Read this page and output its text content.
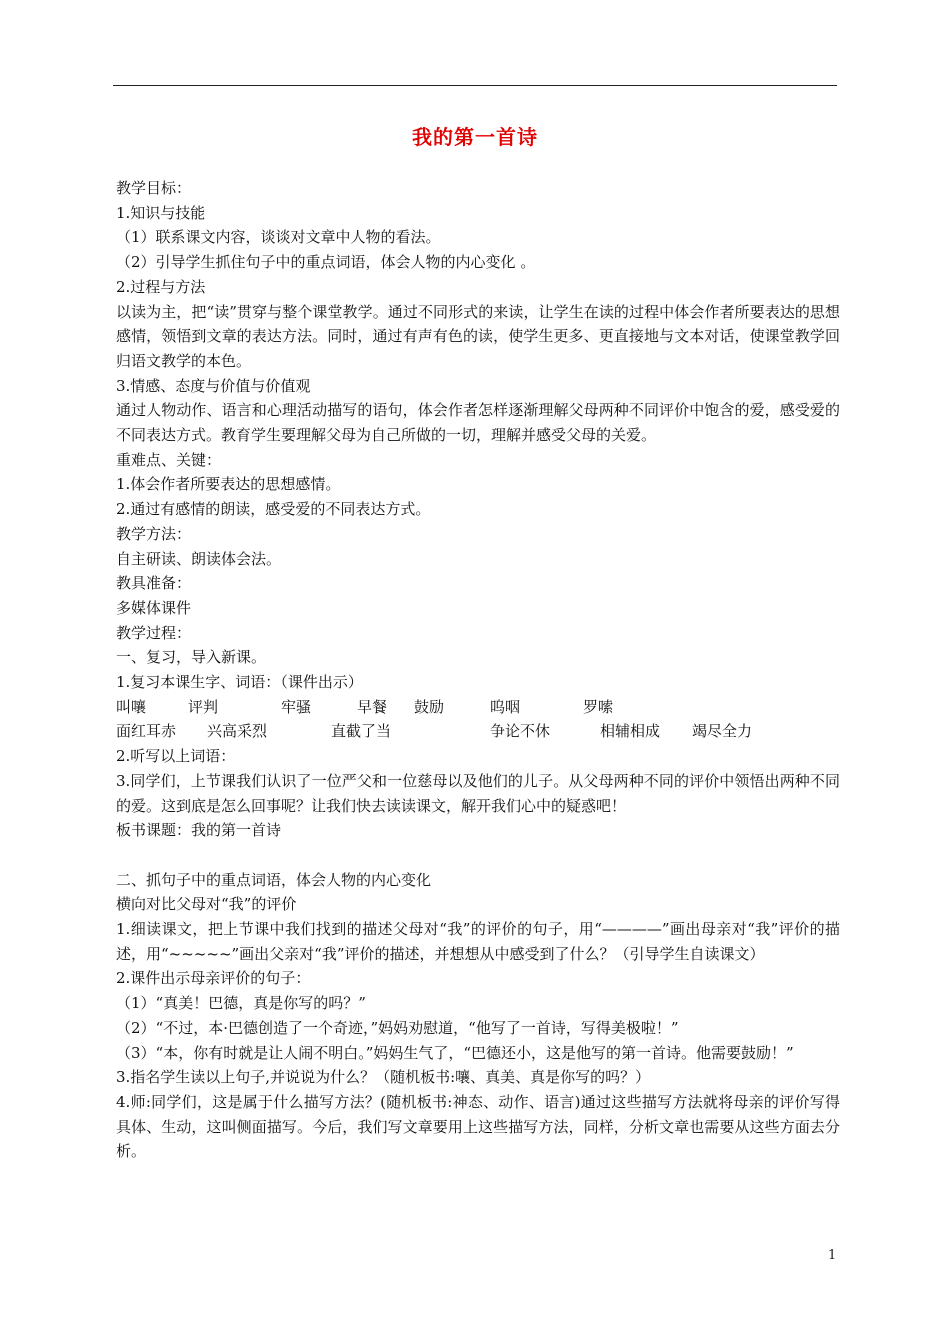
我的第一首诗

教学目标：

1.知识与技能

（1）联系课文内容，谈谈对文章中人物的看法。

（2）引导学生抓住句子中的重点词语，体会人物的内心变化 。

2.过程与方法

以读为主，把“读”贯穿与整个课堂教学。通过不同形式的来读，让学生在读的过程中体会作者所要表达的思想感情，领悟到文章的表达方法。同时，通过有声有色的读，使学生更多、更直接地与文本对话，使课堂教学回归语文教学的本色。

3.情感、态度与价值与价值观

通过人物动作、语言和心理活动描写的语句，体会作者怎样逐渐理解父母两种不同评价中饱含的爱，感受爱的不同表达方式。教育学生要理解父母为自己所做的一切，理解并感受父母的关爱。

重难点、关键：

1.体会作者所要表达的思想感情。

2.通过有感情的朗读，感受爱的不同表达方式。

教学方法：

自主研读、朗读体会法。

教具准备：

多媒体课件

教学过程：

一、复习，导入新课。

1.复习本课生字、词语：（课件出示）

叫嚷	评判	牢骚	早餐 鼓励	呜咽	罗嗦
面红耳赤 兴高采烈	直截了当	争论不休	相辅相成 竭尽全力

2.听写以上词语：

3.同学们，上节课我们认识了一位严父和一位慈母以及他们的儿子。从父母两种不同的评价中领悟出两种不同的爱。这到底是怎么回事呢？让我们快去读读课文，解开我们心中的疑惑吧！

板书课题：我的第一首诗

二、抓句子中的重点词语，体会人物的内心变化

横向对比父母对“我”的评价

1.细读课文，把上节课中我们找到的描述父母对“我”的评价的句子，用“————”画出母亲对“我”评价的描述，用“~~~~~”画出父亲对“我”评价的描述，并想想从中感受到了什么？（引导学生自读课文）

2.课件出示母亲评价的句子：

（1）“真美！巴德，真是你写的吗？”

（2）“不过，本·巴德创造了一个奇迹，”妈妈劝慰道，“他写了一首诗，写得美极啦！”

（3）“本，你有时就是让人闹不明白。”妈妈生气了，“巴德还小，这是他写的第一首诗。他需要鼓励！”

3.指名学生读以上句子,并说说为什么？（随机板书:嚷、真美、真是你写的吗？）

4.师:同学们，这是属于什么描写方法？(随机板书:神态、动作、语言)通过这些描写方法就将母亲的评价写得具体、生动，这叫侧面描写。今后，我们写文章要用上这些描写方法，同样，分析文章也需要从这些方面去分析。

1
